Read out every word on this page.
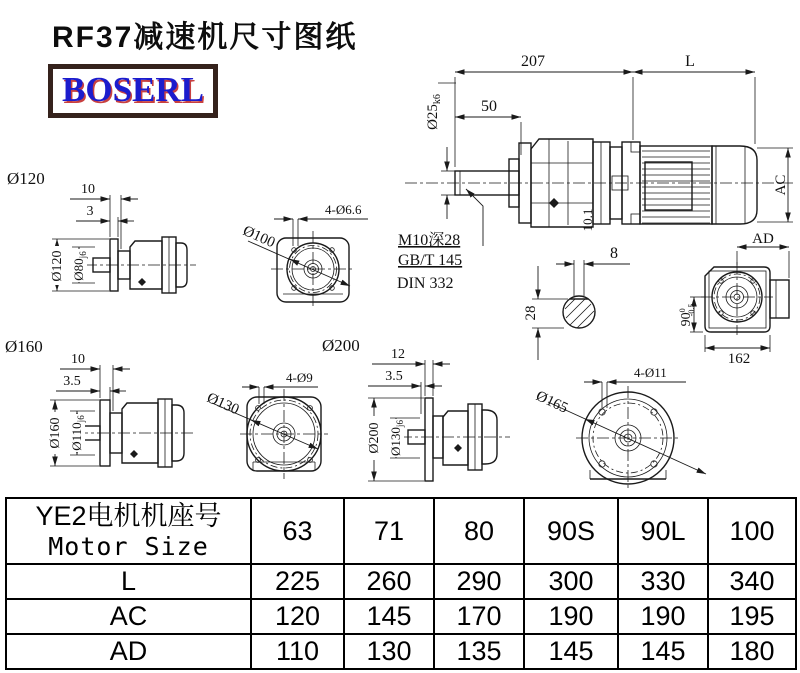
RF37减速机尺寸图纸
BOSERL
207	L
50
$Ø25_{k6}$
AC
10.1
M10深28
GB/T 145
DIN 332
8
28
AD
$90^0-0.5$
162
Ø120
10
3
Ø120 $Ø80_{j6}$
4-Ø6.6
Ø100
Ø160
10
3.5
Ø160 $Ø110_{j6}$
Ø200
4-Ø9
Ø130
12
3.5
Ø200 $Ø130_{j6}$
4-Ø11
Ø165
YE2电机机座号
Motor Size	63	71	80	90S	90L	100
L	225	260	290	300	330	340
AC	120	145	170	190	190	195
AD	110	130	135	145	145	180
